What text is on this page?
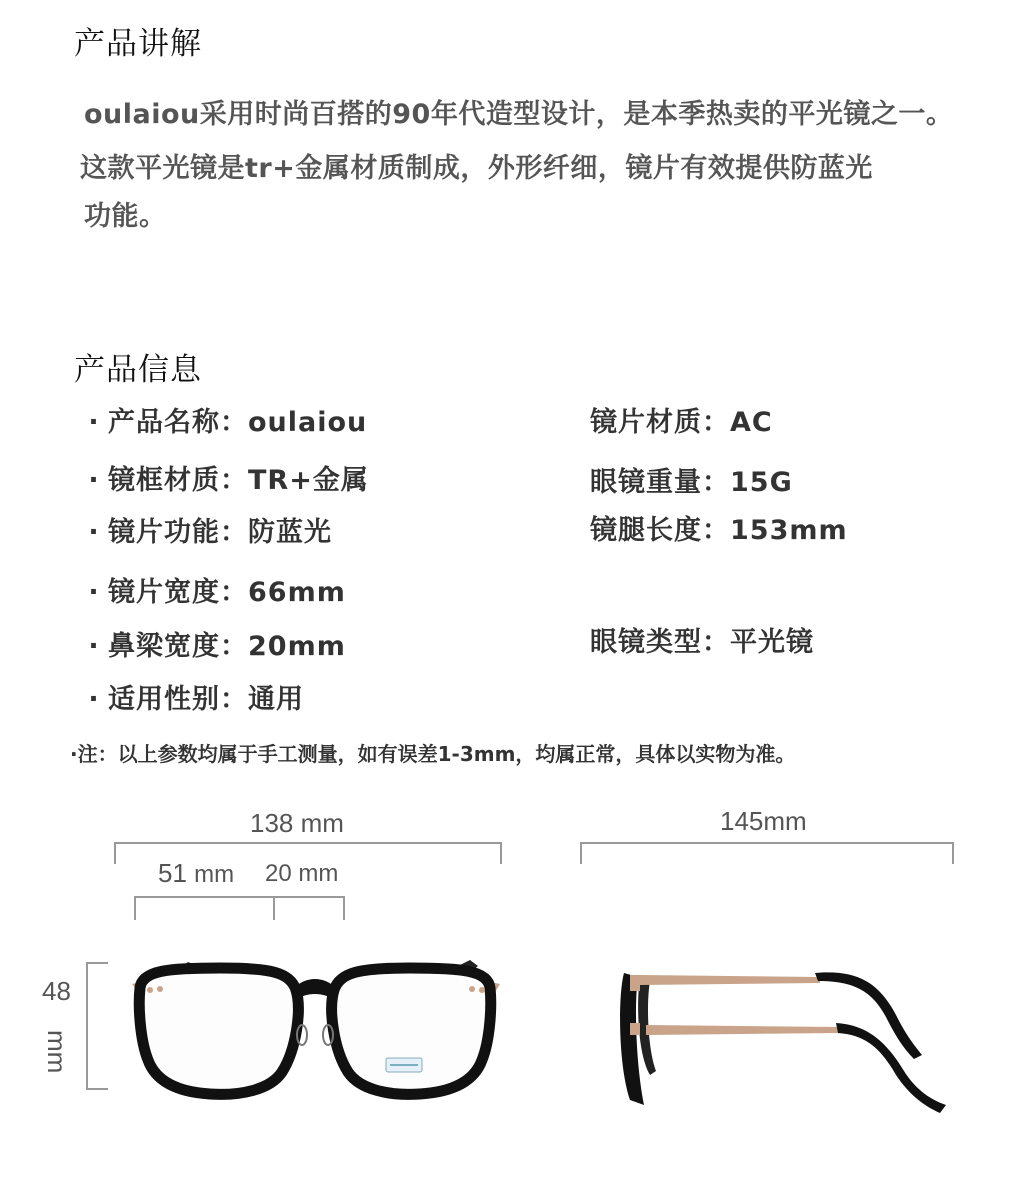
产品讲解
oulaiou采用时尚百搭的90年代造型设计，是本季热卖的平光镜之一。
这款平光镜是tr+金属材质制成，外形纤细，镜片有效提供防蓝光
功能。
产品信息
· 产品名称：oulaiou
· 镜框材质：TR+金属
· 镜片功能：防蓝光
· 镜片宽度：66mm
· 鼻梁宽度：20mm
· 适用性别：通用
镜片材质：AC
眼镜重量：15G
镜腿长度：153mm
眼镜类型：平光镜
·注：以上参数均属于手工测量，如有误差1-3mm，均属正常，具体以实物为准。
138 mm
51 mm 20 mm
48
mm
145mm
